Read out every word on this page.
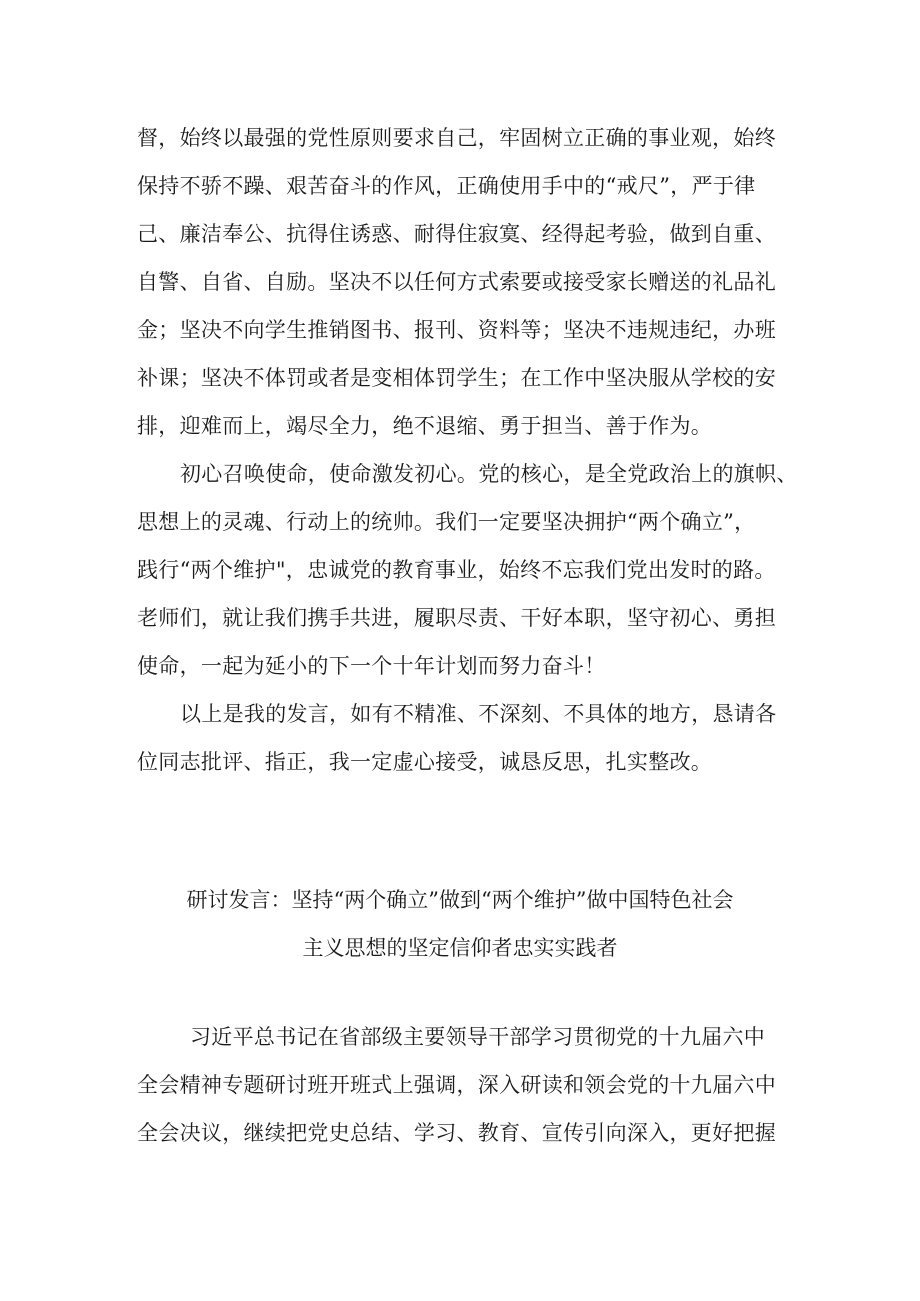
督，始终以最强的党性原则要求自己，牢固树立正确的事业观，始终
保持不骄不躁、艰苦奋斗的作风，正确使用手中的“戒尺”，严于律
己、廉洁奉公、抗得住诱惑、耐得住寂寞、经得起考验，做到自重、
自警、自省、自励。坚决不以任何方式索要或接受家长赠送的礼品礼
金；坚决不向学生推销图书、报刊、资料等；坚决不违规违纪，办班
补课；坚决不体罚或者是变相体罚学生；在工作中坚决服从学校的安
排，迎难而上，竭尽全力，绝不退缩、勇于担当、善于作为。
初心召唤使命，使命激发初心。党的核心，是全党政治上的旗帜、
思想上的灵魂、行动上的统帅。我们一定要坚决拥护“两个确立”，
践行“两个维护"，忠诚党的教育事业，始终不忘我们党出发时的路。
老师们，就让我们携手共进，履职尽责、干好本职，坚守初心、勇担
使命，一起为延小的下一个十年计划而努力奋斗！
以上是我的发言，如有不精准、不深刻、不具体的地方，恳请各
位同志批评、指正，我一定虚心接受，诚恳反思，扎实整改。
研讨发言：坚持“两个确立”做到“两个维护”做中国特色社会
主义思想的坚定信仰者忠实实践者
习近平总书记在省部级主要领导干部学习贯彻党的十九届六中
全会精神专题研讨班开班式上强调，深入研读和领会党的十九届六中
全会决议，继续把党史总结、学习、教育、宣传引向深入，更好把握
